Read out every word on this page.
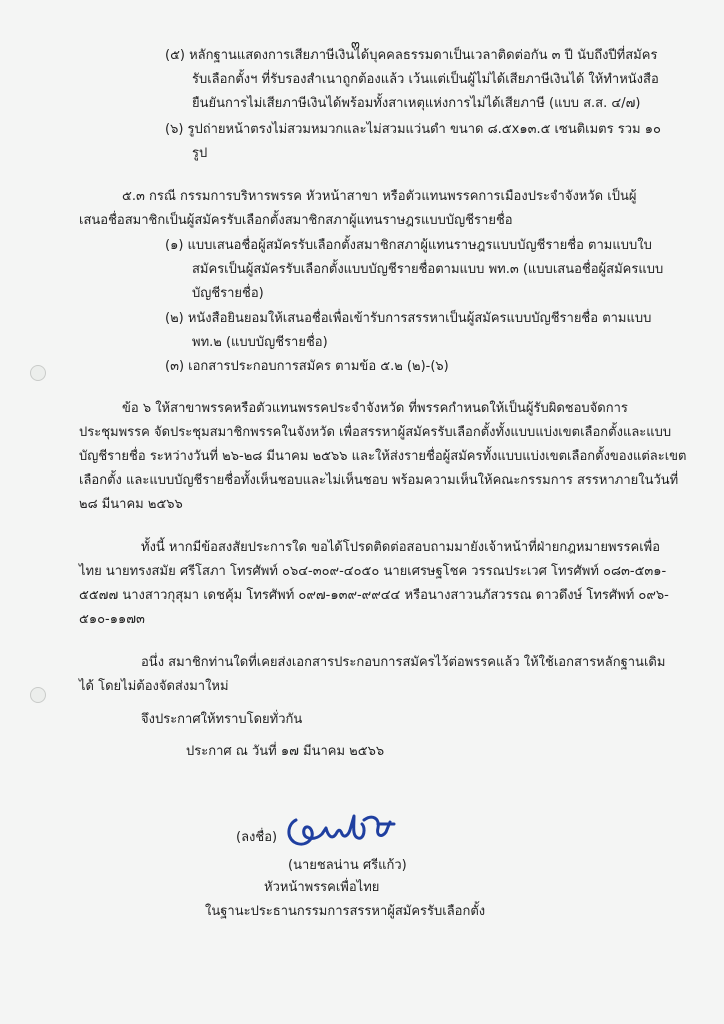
๓
(๕) หลักฐานแสดงการเสียภาษีเงินได้บุคคลธรรมดาเป็นเวลาติดต่อกัน ๓ ปี นับถึงปีที่สมัคร
รับเลือกตั้งฯ ที่รับรองสำเนาถูกต้องแล้ว เว้นแต่เป็นผู้ไม่ได้เสียภาษีเงินได้ ให้ทำหนังสือ
ยืนยันการไม่เสียภาษีเงินได้พร้อมทั้งสาเหตุแห่งการไม่ได้เสียภาษี (แบบ ส.ส. ๔/๗)
(๖) รูปถ่ายหน้าตรงไม่สวมหมวกและไม่สวมแว่นดำ ขนาด ๘.๕x๑๓.๕ เซนติเมตร รวม ๑๐
รูป
๕.๓ กรณี กรรมการบริหารพรรค หัวหน้าสาขา หรือตัวแทนพรรคการเมืองประจำจังหวัด เป็นผู้
เสนอชื่อสมาชิกเป็นผู้สมัครรับเลือกตั้งสมาชิกสภาผู้แทนราษฎรแบบบัญชีรายชื่อ
(๑) แบบเสนอชื่อผู้สมัครรับเลือกตั้งสมาชิกสภาผู้แทนราษฎรแบบบัญชีรายชื่อ ตามแบบใบ
สมัครเป็นผู้สมัครรับเลือกตั้งแบบบัญชีรายชื่อตามแบบ พท.๓ (แบบเสนอชื่อผู้สมัครแบบ
บัญชีรายชื่อ)
(๒) หนังสือยินยอมให้เสนอชื่อเพื่อเข้ารับการสรรหาเป็นผู้สมัครแบบบัญชีรายชื่อ ตามแบบ
พท.๒ (แบบบัญชีรายชื่อ)
(๓) เอกสารประกอบการสมัคร ตามข้อ ๕.๒ (๒)-(๖)
ข้อ ๖ ให้สาขาพรรคหรือตัวแทนพรรคประจำจังหวัด ที่พรรคกำหนดให้เป็นผู้รับผิดชอบจัดการ
ประชุมพรรค จัดประชุมสมาชิกพรรคในจังหวัด เพื่อสรรหาผู้สมัครรับเลือกตั้งทั้งแบบแบ่งเขตเลือกตั้งและแบบ
บัญชีรายชื่อ ระหว่างวันที่ ๒๖-๒๘ มีนาคม ๒๕๖๖ และให้ส่งรายชื่อผู้สมัครทั้งแบบแบ่งเขตเลือกตั้งของแต่ละเขต
เลือกตั้ง และแบบบัญชีรายชื่อทั้งเห็นชอบและไม่เห็นชอบ พร้อมความเห็นให้คณะกรรมการ สรรหาภายในวันที่
๒๘ มีนาคม ๒๕๖๖
ทั้งนี้ หากมีข้อสงสัยประการใด ขอได้โปรดติดต่อสอบถามมายังเจ้าหน้าที่ฝ่ายกฎหมายพรรคเพื่อ
ไทย นายทรงสมัย ศรีโสภา โทรศัพท์ ๐๖๔-๓๐๙-๔๐๕๐ นายเศรษฐโชค วรรณประเวศ โทรศัพท์ ๐๘๓-๕๓๑-
๕๕๗๗ นางสาวกุสุมา เดชคุ้ม โทรศัพท์ ๐๙๗-๑๓๙-๙๙๔๔ หรือนางสาวนภัสวรรณ ดาวดึงษ์ โทรศัพท์ ๐๙๖-
๕๑๐-๑๑๗๓
อนึ่ง สมาชิกท่านใดที่เคยส่งเอกสารประกอบการสมัครไว้ต่อพรรคแล้ว ให้ใช้เอกสารหลักฐานเดิม
ได้ โดยไม่ต้องจัดส่งมาใหม่
จึงประกาศให้ทราบโดยทั่วกัน
ประกาศ ณ วันที่ ๑๗ มีนาคม ๒๕๖๖
(ลงชื่อ)
(นายชลน่าน ศรีแก้ว)
หัวหน้าพรรคเพื่อไทย
ในฐานะประธานกรรมการสรรหาผู้สมัครรับเลือกตั้ง
